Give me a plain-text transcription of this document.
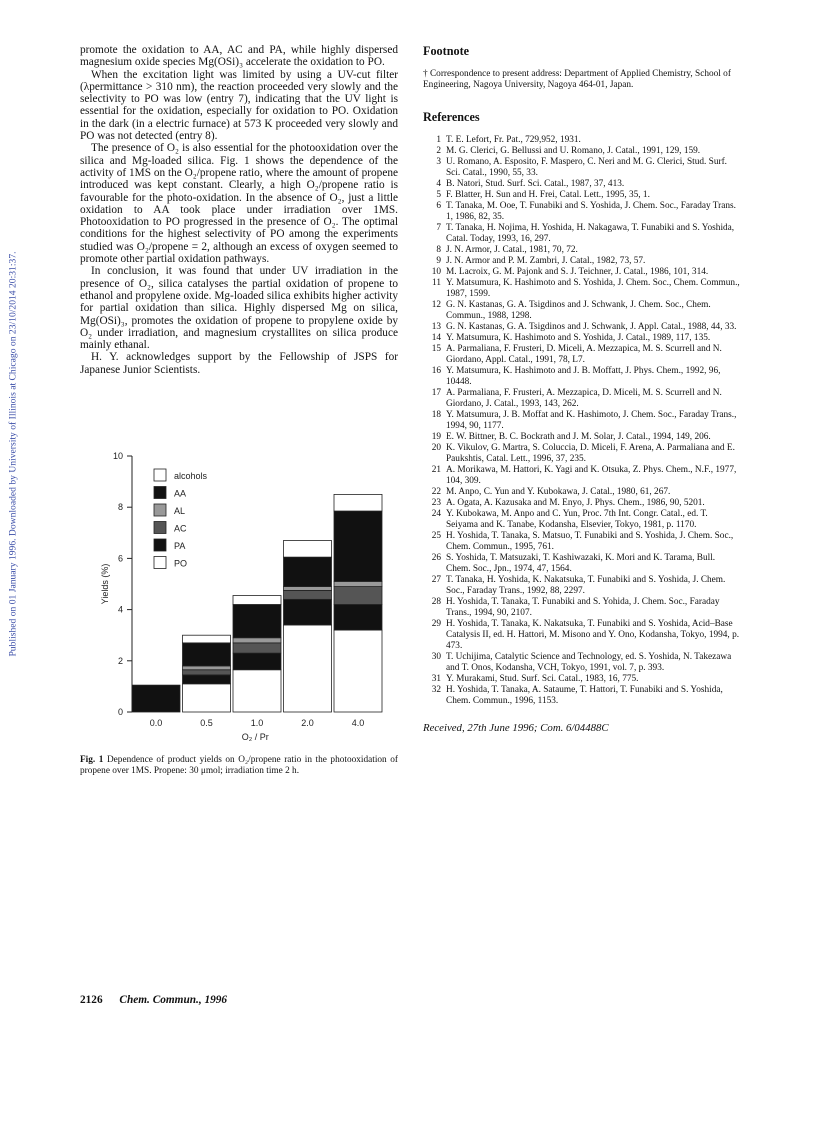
Published on 01 January 1996. Downloaded by University of Illinois at Chicago on 23/10/2014 20:31:37.

promote the oxidation to AA, AC and PA, while highly dispersed magnesium oxide species Mg(OSi)₃ accelerate the oxidation to PO.

When the excitation light was limited by using a UV-cut filter (λpermittance > 310 nm), the reaction proceeded very slowly and the selectivity to PO was low (entry 7), indicating that the UV light is essential for the oxidation, especially for oxidation to PO. Oxidation in the dark (in a electric furnace) at 573 K proceeded very slowly and PO was not detected (entry 8).

The presence of O₂ is also essential for the photooxidation over the silica and Mg-loaded silica. Fig. 1 shows the dependence of the activity of 1MS on the O₂/propene ratio, where the amount of propene introduced was kept constant. Clearly, a high O₂/propene ratio is favourable for the photo-oxidation. In the absence of O₂, just a little oxidation to AA took place under irradiation over 1MS. Photooxidation to PO progressed in the presence of O₂. The optimal conditions for the highest selectivity of PO among the experiments studied was O₂/propene = 2, although an excess of oxygen seemed to promote other partial oxidation pathways.

In conclusion, it was found that under UV irradiation in the presence of O₂, silica catalyses the partial oxidation of propene to ethanol and propylene oxide. Mg-loaded silica exhibits higher activity for partial oxidation than silica. Highly dispersed Mg on silica, Mg(OSi)₃, promotes the oxidation of propene to propylene oxide by O₂ under irradiation, and magnesium crystallites on silica produce mainly ethanal.

H. Y. acknowledges support by the Fellowship of JSPS for Japanese Junior Scientists.

0
2
4
6
8
10
Yields (%)
0.0	0.5	1.0	2.0	4.0
O₂ / Pr
alcohols
AA
AL
AC
PA
PO
Fig. 1 Dependence of product yields on O₂/propene ratio in the photooxidation of propene over 1MS. Propene: 30 μmol; irradiation time 2 h.
2126 Chem. Commun., 1996
Footnote

† Correspondence to present address: Department of Applied Chemistry, School of Engineering, Nagoya University, Nagoya 464-01, Japan.

References
1 T. E. Lefort, Fr. Pat., 729,952, 1931.
2 M. G. Clerici, G. Bellussi and U. Romano, J. Catal., 1991, 129, 159.
3 U. Romano, A. Esposito, F. Maspero, C. Neri and M. G. Clerici, Stud. Surf. Sci. Catal., 1990, 55, 33.
4 B. Natori, Stud. Surf. Sci. Catal., 1987, 37, 413.
5 F. Blatter, H. Sun and H. Frei, Catal. Lett., 1995, 35, 1.
6 T. Tanaka, M. Ooe, T. Funabiki and S. Yoshida, J. Chem. Soc., Faraday Trans. 1, 1986, 82, 35.
7 T. Tanaka, H. Nojima, H. Yoshida, H. Nakagawa, T. Funabiki and S. Yoshida, Catal. Today, 1993, 16, 297.
8 J. N. Armor, J. Catal., 1981, 70, 72.
9 J. N. Armor and P. M. Zambri, J. Catal., 1982, 73, 57.
10 M. Lacroix, G. M. Pajonk and S. J. Teichner, J. Catal., 1986, 101, 314.
11 Y. Matsumura, K. Hashimoto and S. Yoshida, J. Chem. Soc., Chem. Commun., 1987, 1599.
12 G. N. Kastanas, G. A. Tsigdinos and J. Schwank, J. Chem. Soc., Chem. Commun., 1988, 1298.
13 G. N. Kastanas, G. A. Tsigdinos and J. Schwank, J. Appl. Catal., 1988, 44, 33.
14 Y. Matsumura, K. Hashimoto and S. Yoshida, J. Catal., 1989, 117, 135.
15 A. Parmaliana, F. Frusteri, D. Miceli, A. Mezzapica, M. S. Scurrell and N. Giordano, Appl. Catal., 1991, 78, L7.
16 Y. Matsumura, K. Hashimoto and J. B. Moffatt, J. Phys. Chem., 1992, 96, 10448.
17 A. Parmaliana, F. Frusteri, A. Mezzapica, D. Miceli, M. S. Scurrell and N. Giordano, J. Catal., 1993, 143, 262.
18 Y. Matsumura, J. B. Moffat and K. Hashimoto, J. Chem. Soc., Faraday Trans., 1994, 90, 1177.
19 E. W. Bittner, B. C. Bockrath and J. M. Solar, J. Catal., 1994, 149, 206.
20 K. Vikulov, G. Martra, S. Coluccia, D. Miceli, F. Arena, A. Parmaliana and E. Paukshtis, Catal. Lett., 1996, 37, 235.
21 A. Morikawa, M. Hattori, K. Yagi and K. Otsuka, Z. Phys. Chem., N.F., 1977, 104, 309.
22 M. Anpo, C. Yun and Y. Kubokawa, J. Catal., 1980, 61, 267.
23 A. Ogata, A. Kazusaka and M. Enyo, J. Phys. Chem., 1986, 90, 5201.
24 Y. Kubokawa, M. Anpo and C. Yun, Proc. 7th Int. Congr. Catal., ed. T. Seiyama and K. Tanabe, Kodansha, Elsevier, Tokyo, 1981, p. 1170.
25 H. Yoshida, T. Tanaka, S. Matsuo, T. Funabiki and S. Yoshida, J. Chem. Soc., Chem. Commun., 1995, 761.
26 S. Yoshida, T. Matsuzaki, T. Kashiwazaki, K. Mori and K. Tarama, Bull. Chem. Soc., Jpn., 1974, 47, 1564.
27 T. Tanaka, H. Yoshida, K. Nakatsuka, T. Funabiki and S. Yoshida, J. Chem. Soc., Faraday Trans., 1992, 88, 2297.
28 H. Yoshida, T. Tanaka, T. Funabiki and S. Yohida, J. Chem. Soc., Faraday Trans., 1994, 90, 2107.
29 H. Yoshida, T. Tanaka, K. Nakatsuka, T. Funabiki and S. Yoshida, Acid–Base Catalysis II, ed. H. Hattori, M. Misono and Y. Ono, Kodansha, Tokyo, 1994, p. 473.
30 T. Uchijima, Catalytic Science and Technology, ed. S. Yoshida, N. Takezawa and T. Onos, Kodansha, VCH, Tokyo, 1991, vol. 7, p. 393.
31 Y. Murakami, Stud. Surf. Sci. Catal., 1983, 16, 775.
32 H. Yoshida, T. Tanaka, A. Sataume, T. Hattori, T. Funabiki and S. Yoshida, Chem. Commun., 1996, 1153.
Received, 27th June 1996; Com. 6/04488C
